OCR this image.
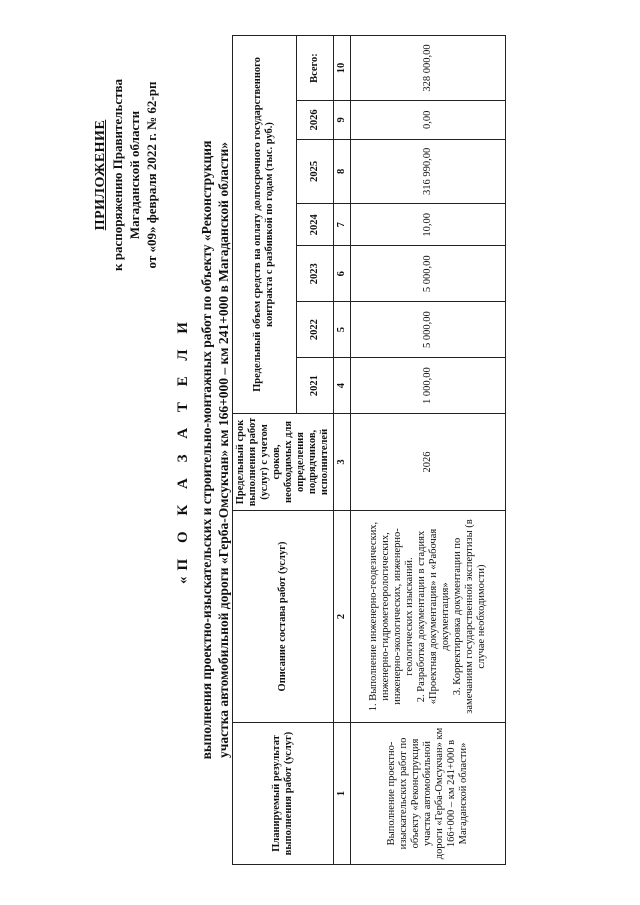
ПРИЛОЖЕНИЕ к распоряжению Правительства Магаданской области от «09» февраля 2022 г. № 62-рп
«П О К А З А Т Е Л И выполнения проектно-изыскательских и строительно-монтажных работ по объекту «Реконструкция участка автомобильной дороги «Герба-Омсукчан» км 166+000 – км 241+000 в Магаданской области»
Планируемый результат выполнения работ (услуг)	Описание состава работ (услуг)	Предельный срок выполнения работ (услуг) с учетом сроков, необходимых для определения подрядчиков, исполнителей	Предельный объем средств на оплату долгосрочного государственного контракта с разбивкой по годам (тыс. руб.)						
			2021	2022	2023	2024	2025	2026	Всего:
1	2	3	4	5	6	7	8	9	10
Выполнение проектно-изыскательских работ по объекту «Реконструкция участка автомобильной дороги «Герба-Омсукчан» км 166+000 – км 241+000 в Магаданской области»	1. Выполнение инженерно-геодезических, инженерно-гидрометеорологических, инженерно-экологических, инженерно-геологических изысканий. 2. Разработка документации в стадиях «Проектная документация» и «Рабочая документация» 3. Корректировка документации по замечаниям государственной экспертизы (в случае необходимости)	2026	1 000,00	5 000,00	5 000,00	10,00	316 990,00	0,00	328 000,00
